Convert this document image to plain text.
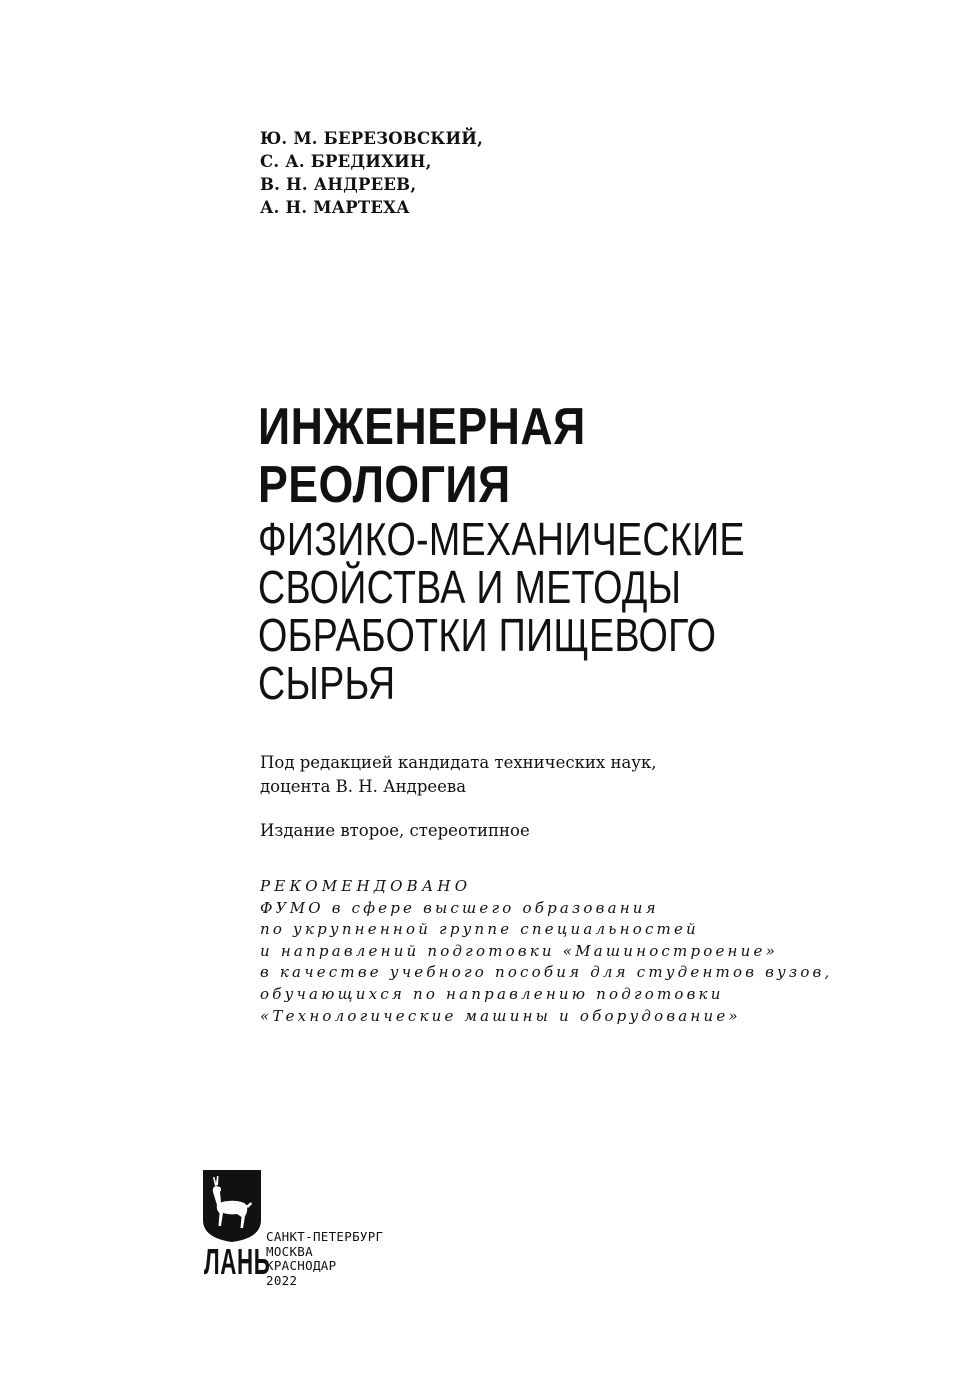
Ю. М. БЕРЕЗОВСКИЙ,
С. А. БРЕДИХИН,
В. Н. АНДРЕЕВ,
А. Н. МАРТЕХА
ИНЖЕНЕРНАЯ
РЕОЛОГИЯ
ФИЗИКО-МЕХАНИЧЕСКИЕ
СВОЙСТВА И МЕТОДЫ
ОБРАБОТКИ ПИЩЕВОГО
СЫРЬЯ
Под редакцией кандидата технических наук,
доцента В. Н. Андреева
Издание второе, стереотипное
РЕКОМЕНДОВАНО
ФУМО в сфере высшего образования
по укрупненной группе специальностей
и направлений подготовки «Машиностроение»
в качестве учебного пособия для студентов вузов,
обучающихся по направлению подготовки
«Технологические машины и оборудование»
ЛАНЬ
САНКТ-ПЕТЕРБУРГ
МОСКВА
КРАСНОДАР
2022
